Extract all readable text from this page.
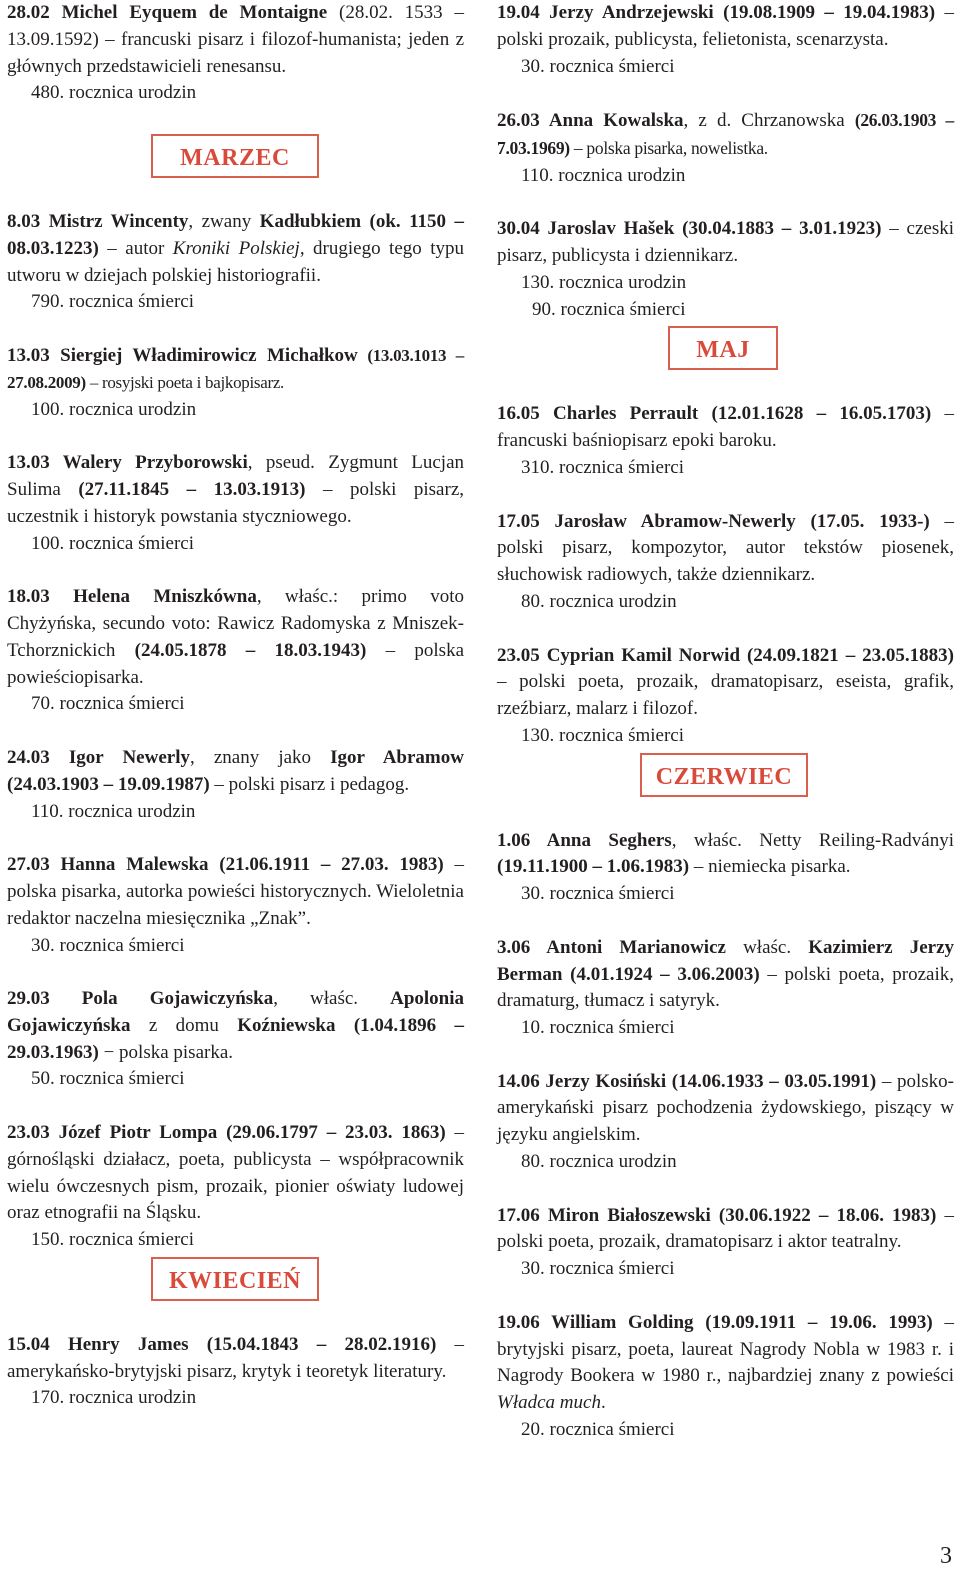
28.02 Michel Eyquem de Montaigne (28.02. 1533 – 13.09.1592) – francuski pisarz i filozof-humanista; jeden z głównych przedstawicieli renesansu.

480. rocznica urodzin
MARZEC

8.03 Mistrz Wincenty, zwany Kadłubkiem (ok. 1150 – 08.03.1223) – autor Kroniki Polskiej, drugiego tego typu utworu w dziejach polskiej historiografii.

790. rocznica śmierci

13.03 Siergiej Władimirowicz Michałkow (13.03.1013 – 27.08.2009) – rosyjski poeta i bajkopisarz.

100. rocznica urodzin

13.03 Walery Przyborowski, pseud. Zygmunt Lucjan Sulima (27.11.1845 – 13.03.1913) – polski pisarz, uczestnik i historyk powstania styczniowego.

100. rocznica śmierci

18.03 Helena Mniszkówna, właśc.: primo voto Chyżyńska, secundo voto: Rawicz Radomyska z Mniszek-Tchorznickich (24.05.1878 – 18.03.1943) – polska powieściopisarka.

70. rocznica śmierci

24.03 Igor Newerly, znany jako Igor Abramow (24.03.1903 – 19.09.1987) – polski pisarz i pedagog.

110. rocznica urodzin

27.03 Hanna Malewska (21.06.1911 – 27.03. 1983) – polska pisarka, autorka powieści historycznych. Wieloletnia redaktor naczelna miesięcznika „Znak”.

30. rocznica śmierci

29.03 Pola Gojawiczyńska, właśc. Apolonia Gojawiczyńska z domu Koźniewska (1.04.1896 – 29.03.1963) − polska pisarka.

50. rocznica śmierci

23.03 Józef Piotr Lompa (29.06.1797 – 23.03. 1863) – górnośląski działacz, poeta, publicysta – współpracownik wielu ówczesnych pism, prozaik, pionier oświaty ludowej oraz etnografii na Śląsku.

150. rocznica śmierci
KWIECIEŃ

15.04 Henry James (15.04.1843 – 28.02.1916) – amerykańsko-brytyjski pisarz, krytyk i teoretyk literatury.

170. rocznica urodzin

19.04 Jerzy Andrzejewski (19.08.1909 – 19.04.1983) – polski prozaik, publicysta, felietonista, scenarzysta.

30. rocznica śmierci

26.03 Anna Kowalska, z d. Chrzanowska (26.03.1903 – 7.03.1969) – polska pisarka, nowelistka.

110. rocznica urodzin

30.04 Jaroslav Hašek (30.04.1883 – 3.01.1923) – czeski pisarz, publicysta i dziennikarz.

130. rocznica urodzin
90. rocznica śmierci
MAJ

16.05 Charles Perrault (12.01.1628 – 16.05.1703) – francuski baśniopisarz epoki baroku.

310. rocznica śmierci

17.05 Jarosław Abramow-Newerly (17.05. 1933-) – polski pisarz, kompozytor, autor tekstów piosenek, słuchowisk radiowych, także dziennikarz.

80. rocznica urodzin

23.05 Cyprian Kamil Norwid (24.09.1821 – 23.05.1883) – polski poeta, prozaik, dramatopisarz, eseista, grafik, rzeźbiarz, malarz i filozof.

130. rocznica śmierci
CZERWIEC

1.06 Anna Seghers, właśc. Netty Reiling-Radványi (19.11.1900 – 1.06.1983) – niemiecka pisarka.

30. rocznica śmierci

3.06 Antoni Marianowicz właśc. Kazimierz Jerzy Berman (4.01.1924 – 3.06.2003) – polski poeta, prozaik, dramaturg, tłumacz i satyryk.

10. rocznica śmierci

14.06 Jerzy Kosiński (14.06.1933 – 03.05.1991) – polsko-amerykański pisarz pochodzenia żydowskiego, piszący w języku angielskim.

80. rocznica urodzin

17.06 Miron Białoszewski (30.06.1922 – 18.06. 1983) – polski poeta, prozaik, dramatopisarz i aktor teatralny.

30. rocznica śmierci

19.06 William Golding (19.09.1911 – 19.06. 1993) – brytyjski pisarz, poeta, laureat Nagrody Nobla w 1983 r. i Nagrody Bookera w 1980 r., najbardziej znany z powieści Władca much.

20. rocznica śmierci
3
